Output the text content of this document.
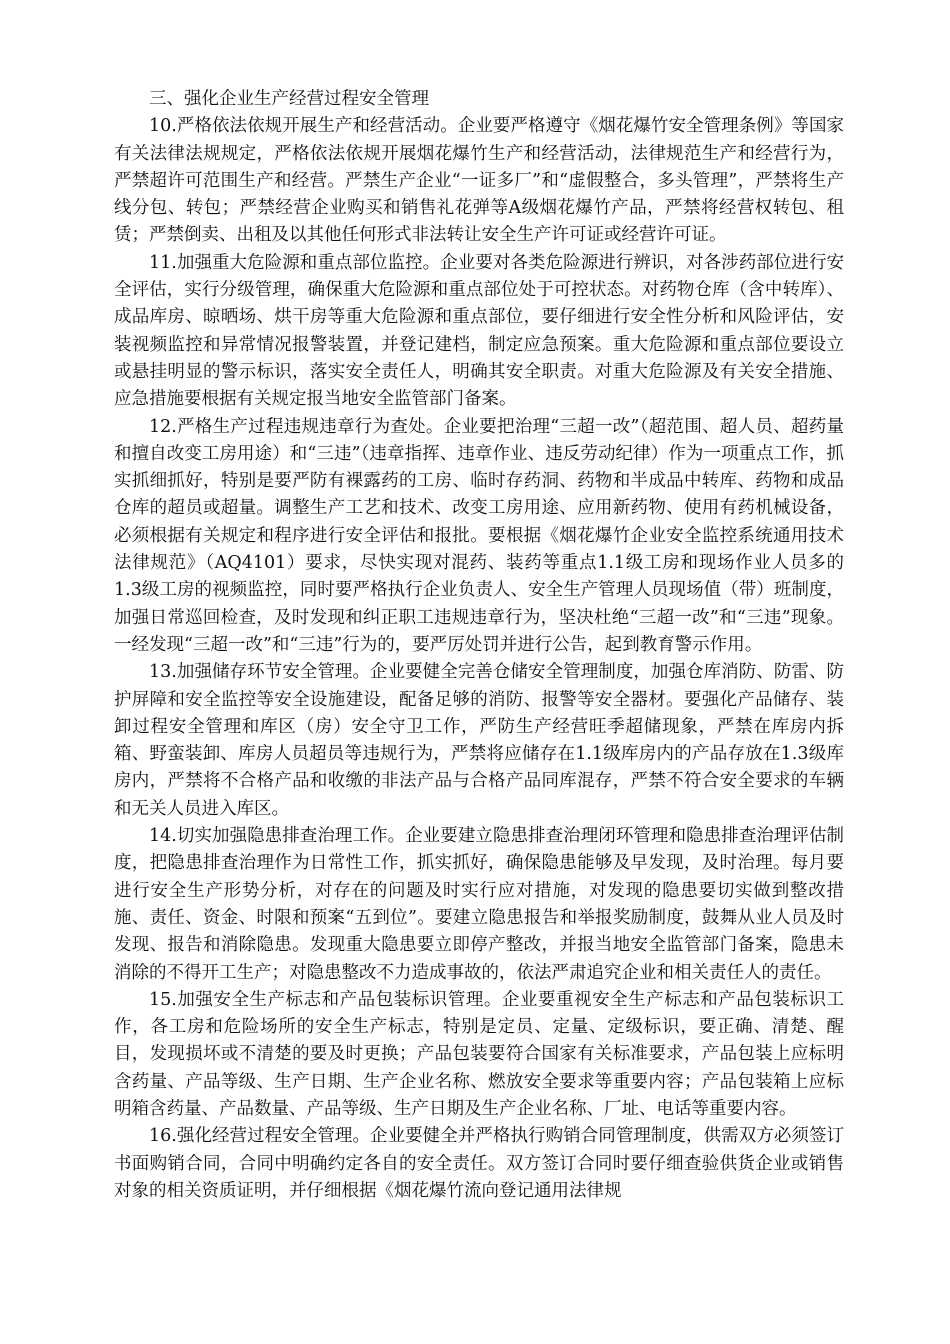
三、强化企业生产经营过程安全管理

10.严格依法依规开展生产和经营活动。企业要严格遵守《烟花爆竹安全管理条例》等国家有关法律法规规定，严格依法依规开展烟花爆竹生产和经营活动，法律规范生产和经营行为，严禁超许可范围生产和经营。严禁生产企业“一证多厂”和“虚假整合，多头管理”，严禁将生产线分包、转包；严禁经营企业购买和销售礼花弹等A级烟花爆竹产品，严禁将经营权转包、租赁；严禁倒卖、出租及以其他任何形式非法转让安全生产许可证或经营许可证。

11.加强重大危险源和重点部位监控。企业要对各类危险源进行辨识，对各涉药部位进行安全评估，实行分级管理，确保重大危险源和重点部位处于可控状态。对药物仓库（含中转库）、成品库房、晾晒场、烘干房等重大危险源和重点部位，要仔细进行安全性分析和风险评估，安装视频监控和异常情况报警装置，并登记建档，制定应急预案。重大危险源和重点部位要设立或悬挂明显的警示标识，落实安全责任人，明确其安全职责。对重大危险源及有关安全措施、应急措施要根据有关规定报当地安全监管部门备案。

12.严格生产过程违规违章行为查处。企业要把治理“三超一改”（超范围、超人员、超药量和擅自改变工房用途）和“三违”（违章指挥、违章作业、违反劳动纪律）作为一项重点工作，抓实抓细抓好，特别是要严防有裸露药的工房、临时存药洞、药物和半成品中转库、药物和成品仓库的超员或超量。调整生产工艺和技术、改变工房用途、应用新药物、使用有药机械设备，必须根据有关规定和程序进行安全评估和报批。要根据《烟花爆竹企业安全监控系统通用技术法律规范》（AQ4101）要求，尽快实现对混药、装药等重点1.1级工房和现场作业人员多的1.3级工房的视频监控，同时要严格执行企业负责人、安全生产管理人员现场值（带）班制度，加强日常巡回检查，及时发现和纠正职工违规违章行为，坚决杜绝“三超一改”和“三违”现象。一经发现“三超一改”和“三违”行为的，要严厉处罚并进行公告，起到教育警示作用。

13.加强储存环节安全管理。企业要健全完善仓储安全管理制度，加强仓库消防、防雷、防护屏障和安全监控等安全设施建设，配备足够的消防、报警等安全器材。要强化产品储存、装卸过程安全管理和库区（房）安全守卫工作，严防生产经营旺季超储现象，严禁在库房内拆箱、野蛮装卸、库房人员超员等违规行为，严禁将应储存在1.1级库房内的产品存放在1.3级库房内，严禁将不合格产品和收缴的非法产品与合格产品同库混存，严禁不符合安全要求的车辆和无关人员进入库区。

14.切实加强隐患排查治理工作。企业要建立隐患排查治理闭环管理和隐患排查治理评估制度，把隐患排查治理作为日常性工作，抓实抓好，确保隐患能够及早发现，及时治理。每月要进行安全生产形势分析，对存在的问题及时实行应对措施，对发现的隐患要切实做到整改措施、责任、资金、时限和预案“五到位”。要建立隐患报告和举报奖励制度，鼓舞从业人员及时发现、报告和消除隐患。发现重大隐患要立即停产整改，并报当地安全监管部门备案，隐患未消除的不得开工生产；对隐患整改不力造成事故的，依法严肃追究企业和相关责任人的责任。

15.加强安全生产标志和产品包装标识管理。企业要重视安全生产标志和产品包装标识工作，各工房和危险场所的安全生产标志，特别是定员、定量、定级标识，要正确、清楚、醒目，发现损坏或不清楚的要及时更换；产品包装要符合国家有关标准要求，产品包装上应标明含药量、产品等级、生产日期、生产企业名称、燃放安全要求等重要内容；产品包装箱上应标明箱含药量、产品数量、产品等级、生产日期及生产企业名称、厂址、电话等重要内容。

16.强化经营过程安全管理。企业要健全并严格执行购销合同管理制度，供需双方必须签订书面购销合同，合同中明确约定各自的安全责任。双方签订合同时要仔细查验供货企业或销售对象的相关资质证明，并仔细根据《烟花爆竹流向登记通用法律规
